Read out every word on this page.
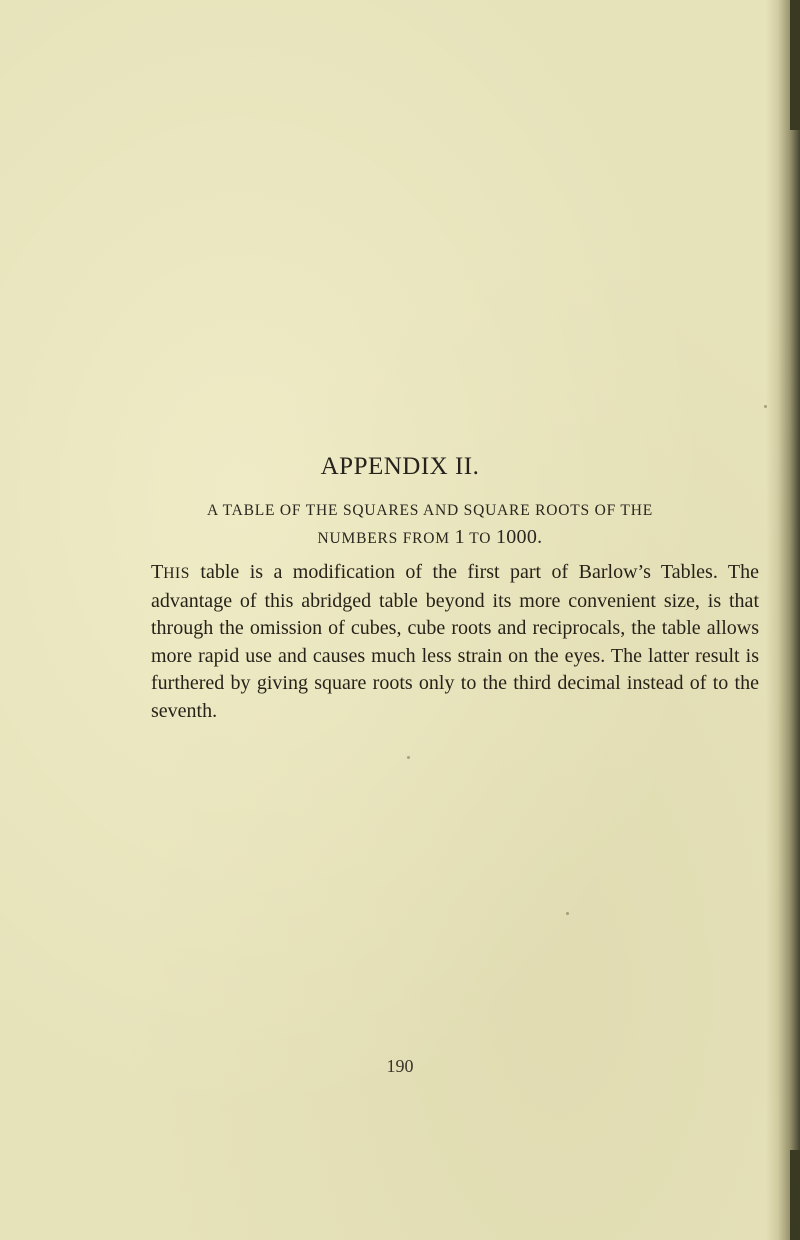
APPENDIX II.
A TABLE OF THE SQUARES AND SQUARE ROOTS OF THE
NUMBERS FROM 1 TO 1000.
THIS table is a modification of the first part of Barlow’s Tables. The advantage of this abridged table beyond its more convenient size, is that through the omission of cubes, cube roots and reciprocals, the table allows more rapid use and causes much less strain on the eyes. The latter result is furthered by giving square roots only to the third decimal instead of to the seventh.
190
